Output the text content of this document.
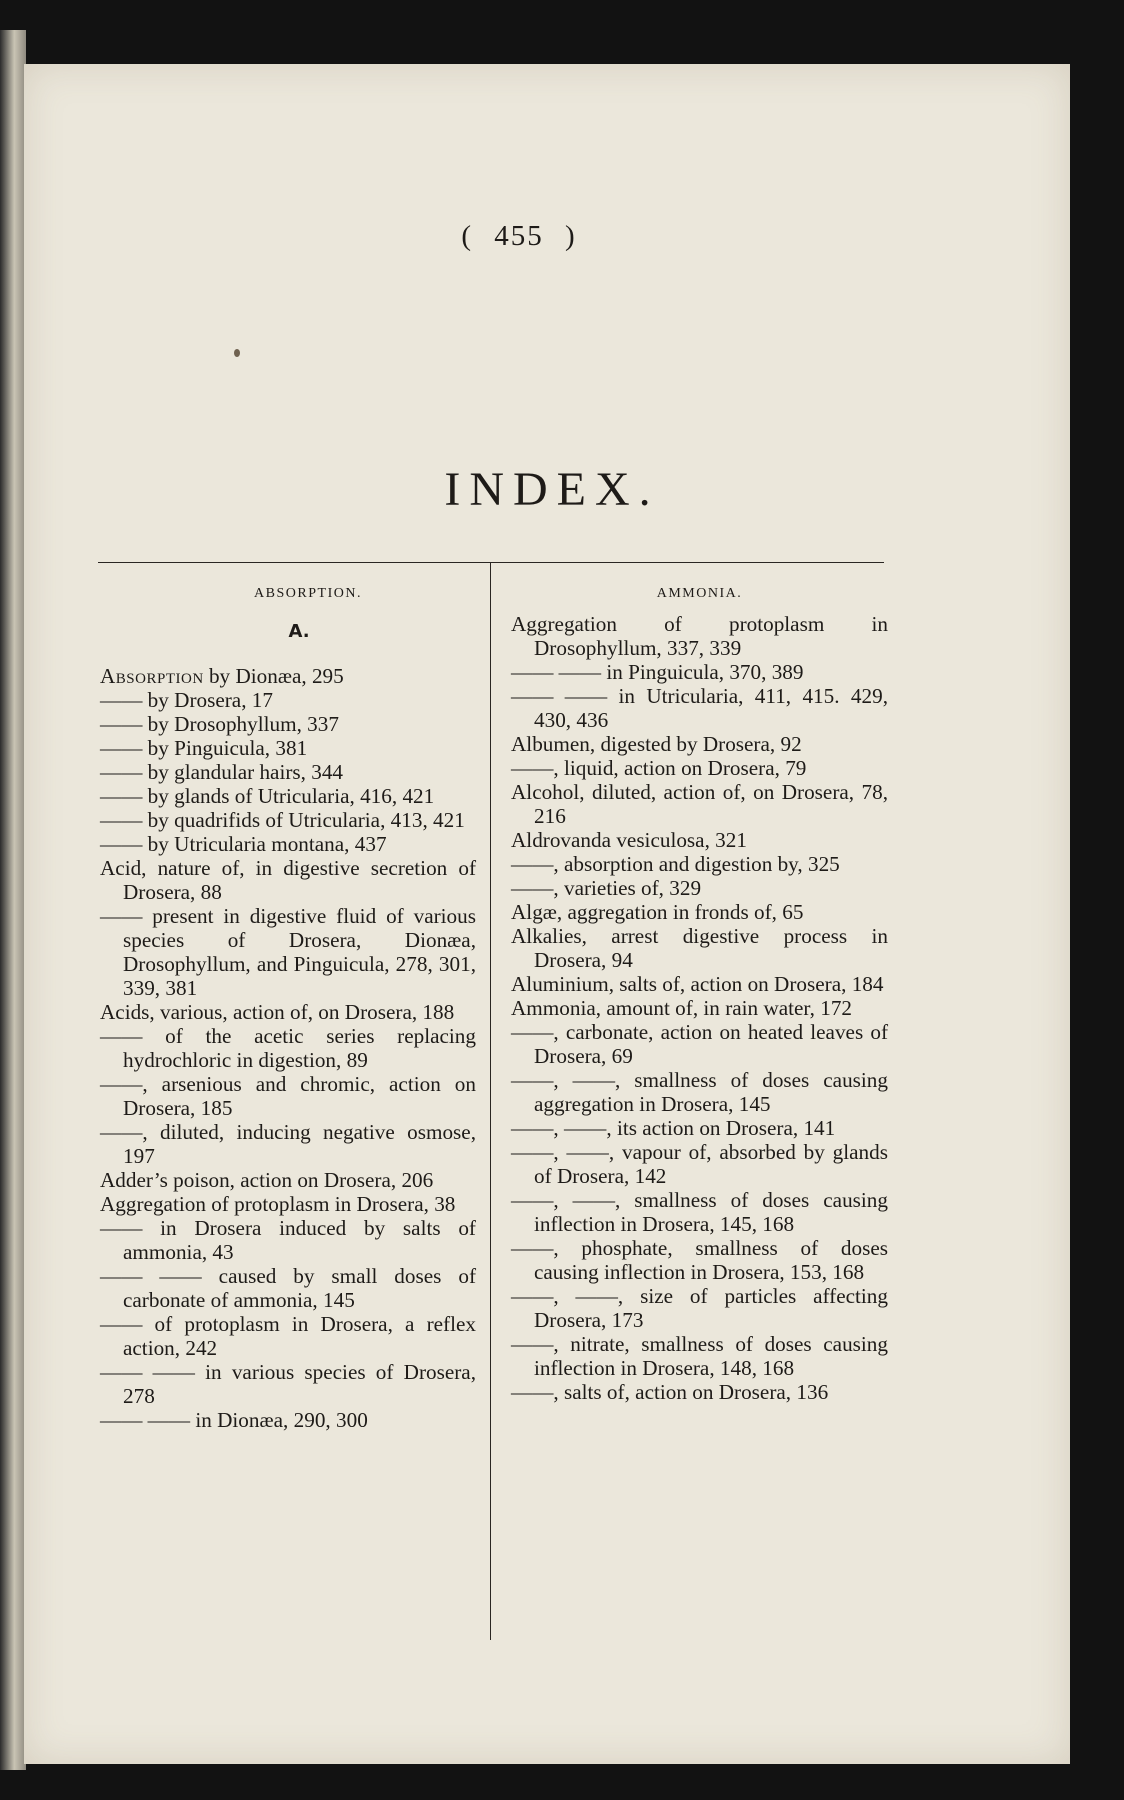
( 455 )
INDEX.
ABSORPTION.
A.

Absorption by Dionæa, 295

—— by Drosera, 17

—— by Drosophyllum, 337

—— by Pinguicula, 381

—— by glandular hairs, 344

—— by glands of Utricularia, 416, 421

—— by quadrifids of Utricularia, 413, 421

—— by Utricularia montana, 437

Acid, nature of, in digestive secretion of Drosera, 88

—— present in digestive fluid of various species of Drosera, Dionæa, Drosophyllum, and Pinguicula, 278, 301, 339, 381

Acids, various, action of, on Drosera, 188

—— of the acetic series replacing hydrochloric in digestion, 89

——, arsenious and chromic, action on Drosera, 185

——, diluted, inducing negative osmose, 197

Adder’s poison, action on Drosera, 206

Aggregation of protoplasm in Drosera, 38

—— in Drosera induced by salts of ammonia, 43

—— —— caused by small doses of carbonate of ammonia, 145

—— of protoplasm in Drosera, a reflex action, 242

—— —— in various species of Drosera, 278

—— —— in Dionæa, 290, 300

AMMONIA.

Aggregation of protoplasm in Drosophyllum, 337, 339

—— —— in Pinguicula, 370, 389

—— —— in Utricularia, 411, 415. 429, 430, 436

Albumen, digested by Drosera, 92

——, liquid, action on Drosera, 79

Alcohol, diluted, action of, on Drosera, 78, 216

Aldrovanda vesiculosa, 321

——, absorption and digestion by, 325

——, varieties of, 329

Algæ, aggregation in fronds of, 65

Alkalies, arrest digestive process in Drosera, 94

Aluminium, salts of, action on Drosera, 184

Ammonia, amount of, in rain water, 172

——, carbonate, action on heated leaves of Drosera, 69

——, ——, smallness of doses causing aggregation in Drosera, 145

——, ——, its action on Drosera, 141

——, ——, vapour of, absorbed by glands of Drosera, 142

——, ——, smallness of doses causing inflection in Drosera, 145, 168

——, phosphate, smallness of doses causing inflection in Drosera, 153, 168

——, ——, size of particles affecting Drosera, 173

——, nitrate, smallness of doses causing inflection in Drosera, 148, 168

——, salts of, action on Drosera, 136
